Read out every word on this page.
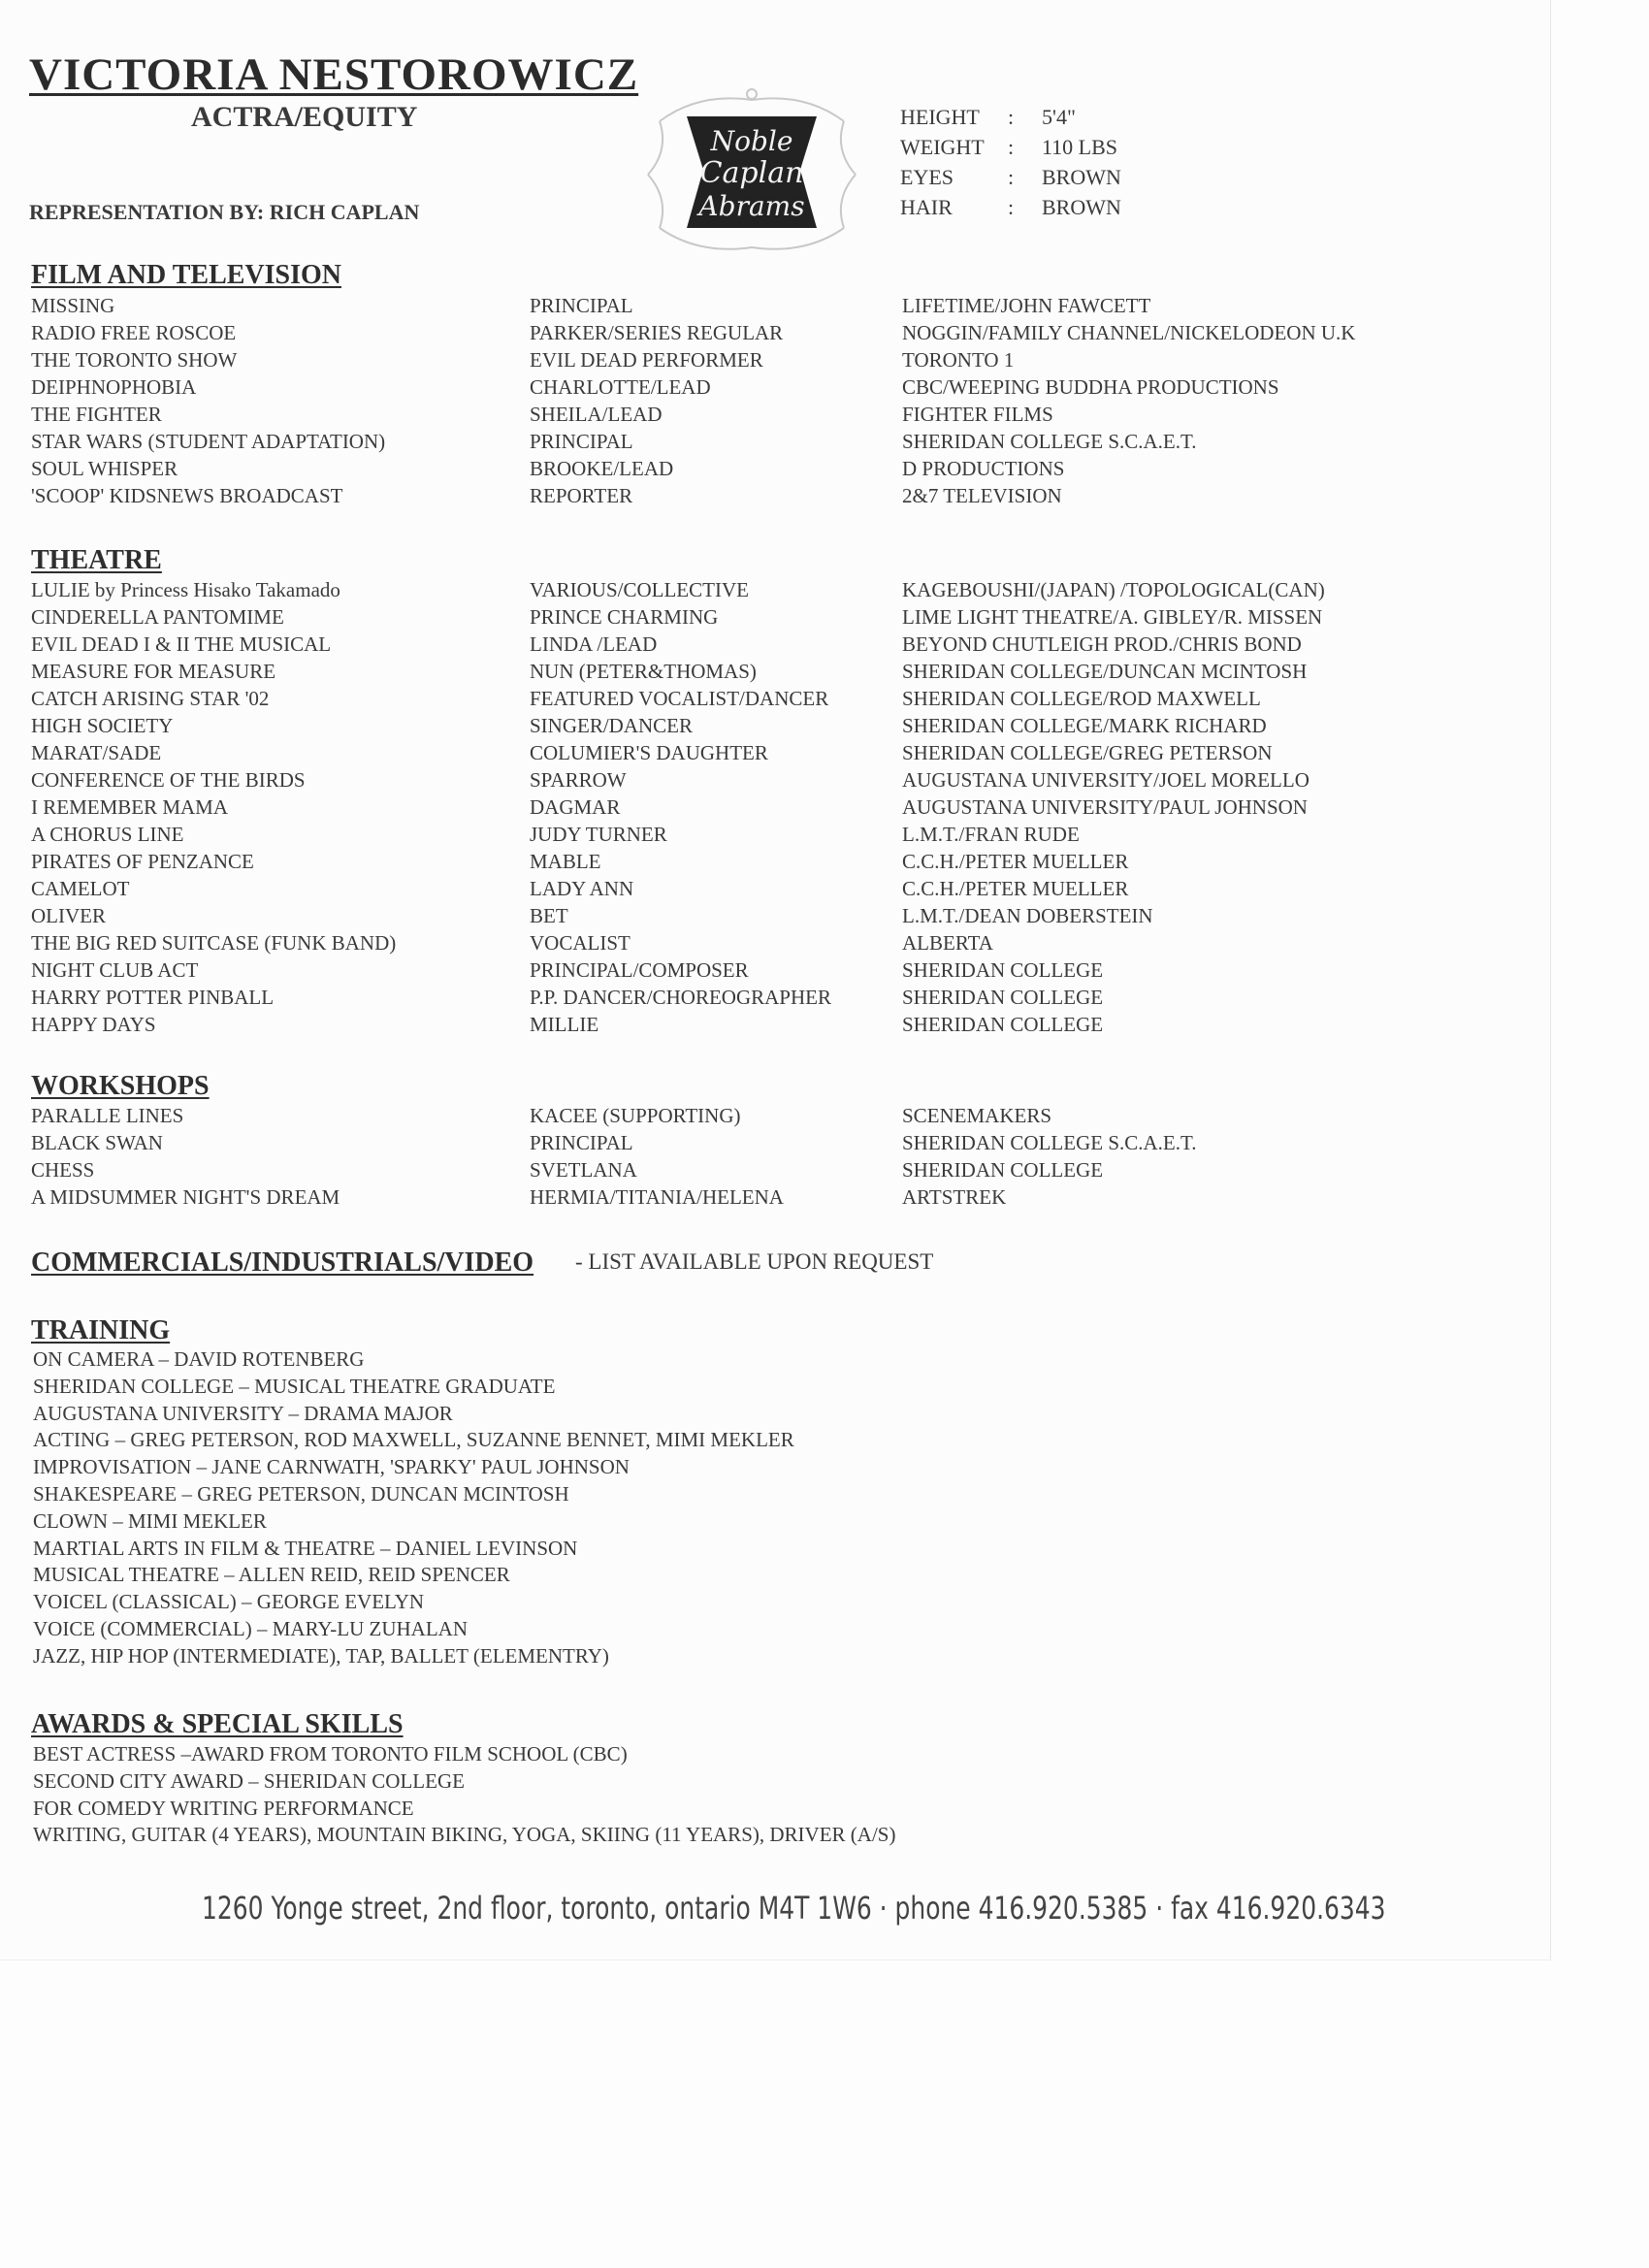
VICTORIA NESTOROWICZ
ACTRA/EQUITY
REPRESENTATION BY: RICH CAPLAN
Noble
Caplan
Abrams
HEIGHT : 5'4"
WEIGHT : 110 LBS
EYES	: BROWN
HAIR	: BROWN
FILM AND TELEVISION
MISSING	PRINCIPAL	LIFETIME/JOHN FAWCETT
RADIO FREE ROSCOE	PARKER/SERIES REGULAR	NOGGIN/FAMILY CHANNEL/NICKELODEON U.K
THE TORONTO SHOW	EVIL DEAD PERFORMER	TORONTO 1
DEIPHNOPHOBIA	CHARLOTTE/LEAD	CBC/WEEPING BUDDHA PRODUCTIONS
THE FIGHTER	SHEILA/LEAD	FIGHTER FILMS
STAR WARS (STUDENT ADAPTATION)	PRINCIPAL	SHERIDAN COLLEGE S.C.A.E.T.
SOUL WHISPER	BROOKE/LEAD	D PRODUCTIONS
'SCOOP' KIDSNEWS BROADCAST	REPORTER	2&7 TELEVISION
THEATRE
LULIE by Princess Hisako Takamado	VARIOUS/COLLECTIVE	KAGEBOUSHI/(JAPAN) /TOPOLOGICAL(CAN)
CINDERELLA PANTOMIME	PRINCE CHARMING	LIME LIGHT THEATRE/A. GIBLEY/R. MISSEN
EVIL DEAD I & II THE MUSICAL	LINDA /LEAD	BEYOND CHUTLEIGH PROD./CHRIS BOND
MEASURE FOR MEASURE	NUN (PETER&THOMAS)	SHERIDAN COLLEGE/DUNCAN MCINTOSH
CATCH ARISING STAR '02	FEATURED VOCALIST/DANCER	SHERIDAN COLLEGE/ROD MAXWELL
HIGH SOCIETY	SINGER/DANCER	SHERIDAN COLLEGE/MARK RICHARD
MARAT/SADE	COLUMIER'S DAUGHTER	SHERIDAN COLLEGE/GREG PETERSON
CONFERENCE OF THE BIRDS	SPARROW	AUGUSTANA UNIVERSITY/JOEL MORELLO
I REMEMBER MAMA	DAGMAR	AUGUSTANA UNIVERSITY/PAUL JOHNSON
A CHORUS LINE	JUDY TURNER	L.M.T./FRAN RUDE
PIRATES OF PENZANCE	MABLE	C.C.H./PETER MUELLER
CAMELOT	LADY ANN	C.C.H./PETER MUELLER
OLIVER	BET	L.M.T./DEAN DOBERSTEIN
THE BIG RED SUITCASE (FUNK BAND)	VOCALIST	ALBERTA
NIGHT CLUB ACT	PRINCIPAL/COMPOSER	SHERIDAN COLLEGE
HARRY POTTER PINBALL	P.P. DANCER/CHOREOGRAPHER	SHERIDAN COLLEGE
HAPPY DAYS	MILLIE	SHERIDAN COLLEGE
WORKSHOPS
PARALLE LINES	KACEE (SUPPORTING)	SCENEMAKERS
BLACK SWAN	PRINCIPAL	SHERIDAN COLLEGE S.C.A.E.T.
CHESS	SVETLANA	SHERIDAN COLLEGE
A MIDSUMMER NIGHT'S DREAM	HERMIA/TITANIA/HELENA	ARTSTREK
COMMERCIALS/INDUSTRIALS/VIDEO - LIST AVAILABLE UPON REQUEST
TRAINING
ON CAMERA – DAVID ROTENBERG
SHERIDAN COLLEGE – MUSICAL THEATRE GRADUATE
AUGUSTANA UNIVERSITY – DRAMA MAJOR
ACTING – GREG PETERSON, ROD MAXWELL, SUZANNE BENNET, MIMI MEKLER
IMPROVISATION – JANE CARNWATH, 'SPARKY' PAUL JOHNSON
SHAKESPEARE – GREG PETERSON, DUNCAN MCINTOSH
CLOWN – MIMI MEKLER
MARTIAL ARTS IN FILM & THEATRE – DANIEL LEVINSON
MUSICAL THEATRE – ALLEN REID, REID SPENCER
VOICEL (CLASSICAL) – GEORGE EVELYN
VOICE (COMMERCIAL) – MARY-LU ZUHALAN
JAZZ, HIP HOP (INTERMEDIATE), TAP, BALLET (ELEMENTRY)
AWARDS & SPECIAL SKILLS
BEST ACTRESS –AWARD FROM TORONTO FILM SCHOOL (CBC)
SECOND CITY AWARD – SHERIDAN COLLEGE
FOR COMEDY WRITING PERFORMANCE
WRITING, GUITAR (4 YEARS), MOUNTAIN BIKING, YOGA, SKIING (11 YEARS), DRIVER (A/S)
1260 Yonge street, 2nd floor, toronto, ontario M4T 1W6 · phone 416.920.5385 · fax 416.920.6343
